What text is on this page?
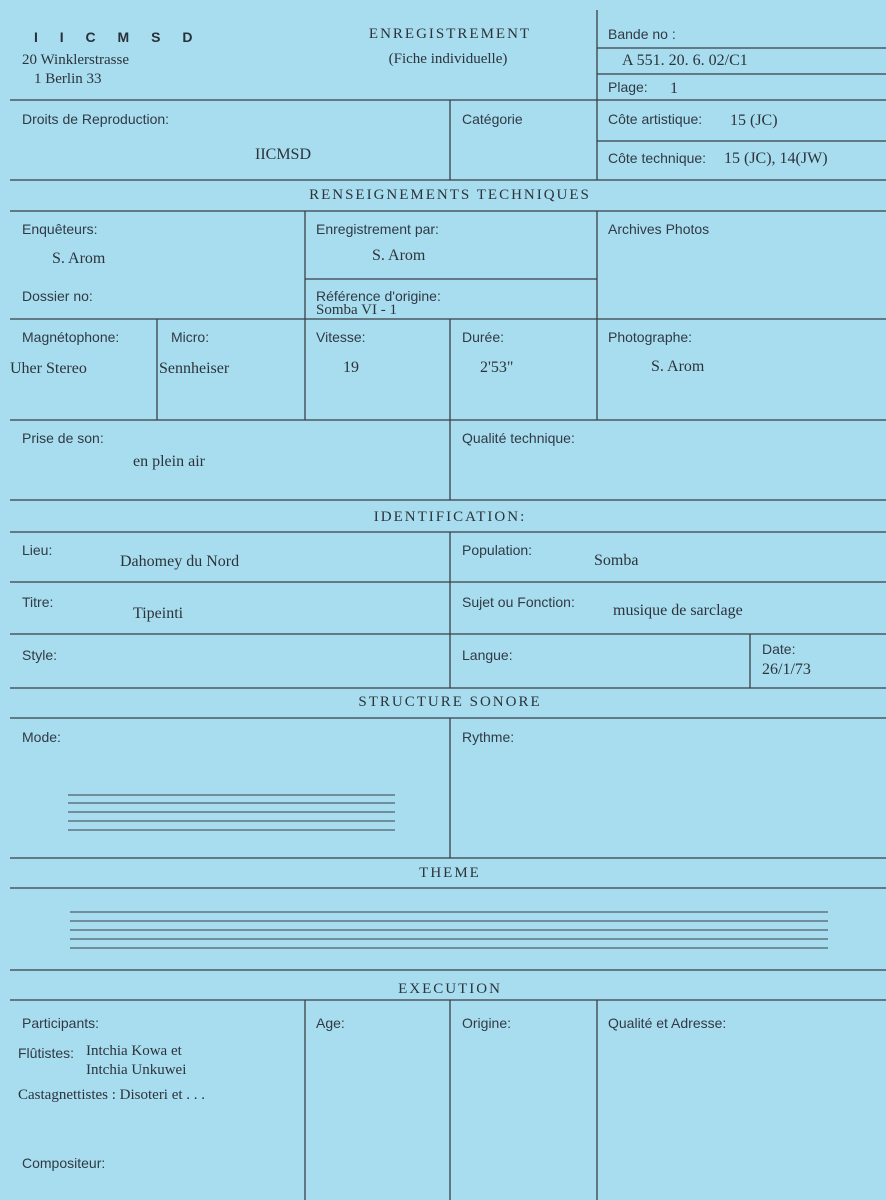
I I C M S D
20 Winklerstrasse
1 Berlin 33
ENREGISTREMENT
(Fiche individuelle)
Bande no :
A 551. 20. 6. 02/C1
Plage: 1
Droits de Reproduction:
IICMSD
Catégorie	Côte artistique: 15 (JC)
Côte technique: 15 (JC), 14(JW)
RENSEIGNEMENTS TECHNIQUES
Enquêteurs:
S. Arom
Enregistrement par:
S. Arom
Archives Photos
Dossier no:	Référence d'origine:
Somba VI - 1
Magnétophone:
Uher Stereo
Micro:
Sennheiser
Vitesse:
19
Durée:
2'53"
Photographe:
S. Arom
Prise de son:
en plein air
Qualité technique:
IDENTIFICATION:
Lieu:
Dahomey du Nord
Population:
Somba
Titre:
Tipeinti
Sujet ou Fonction: musique de sarclage
Style:	Langue:	Date:
26/1/73
STRUCTURE SONORE
Mode:	Rythme:
THEME
EXECUTION
Participants:	Age:	Origine:	Qualité et Adresse:
Flûtistes: Intchia Kowa et
Intchia Unkuwei
Castagnettistes : Disoteri et . . .
Compositeur:
